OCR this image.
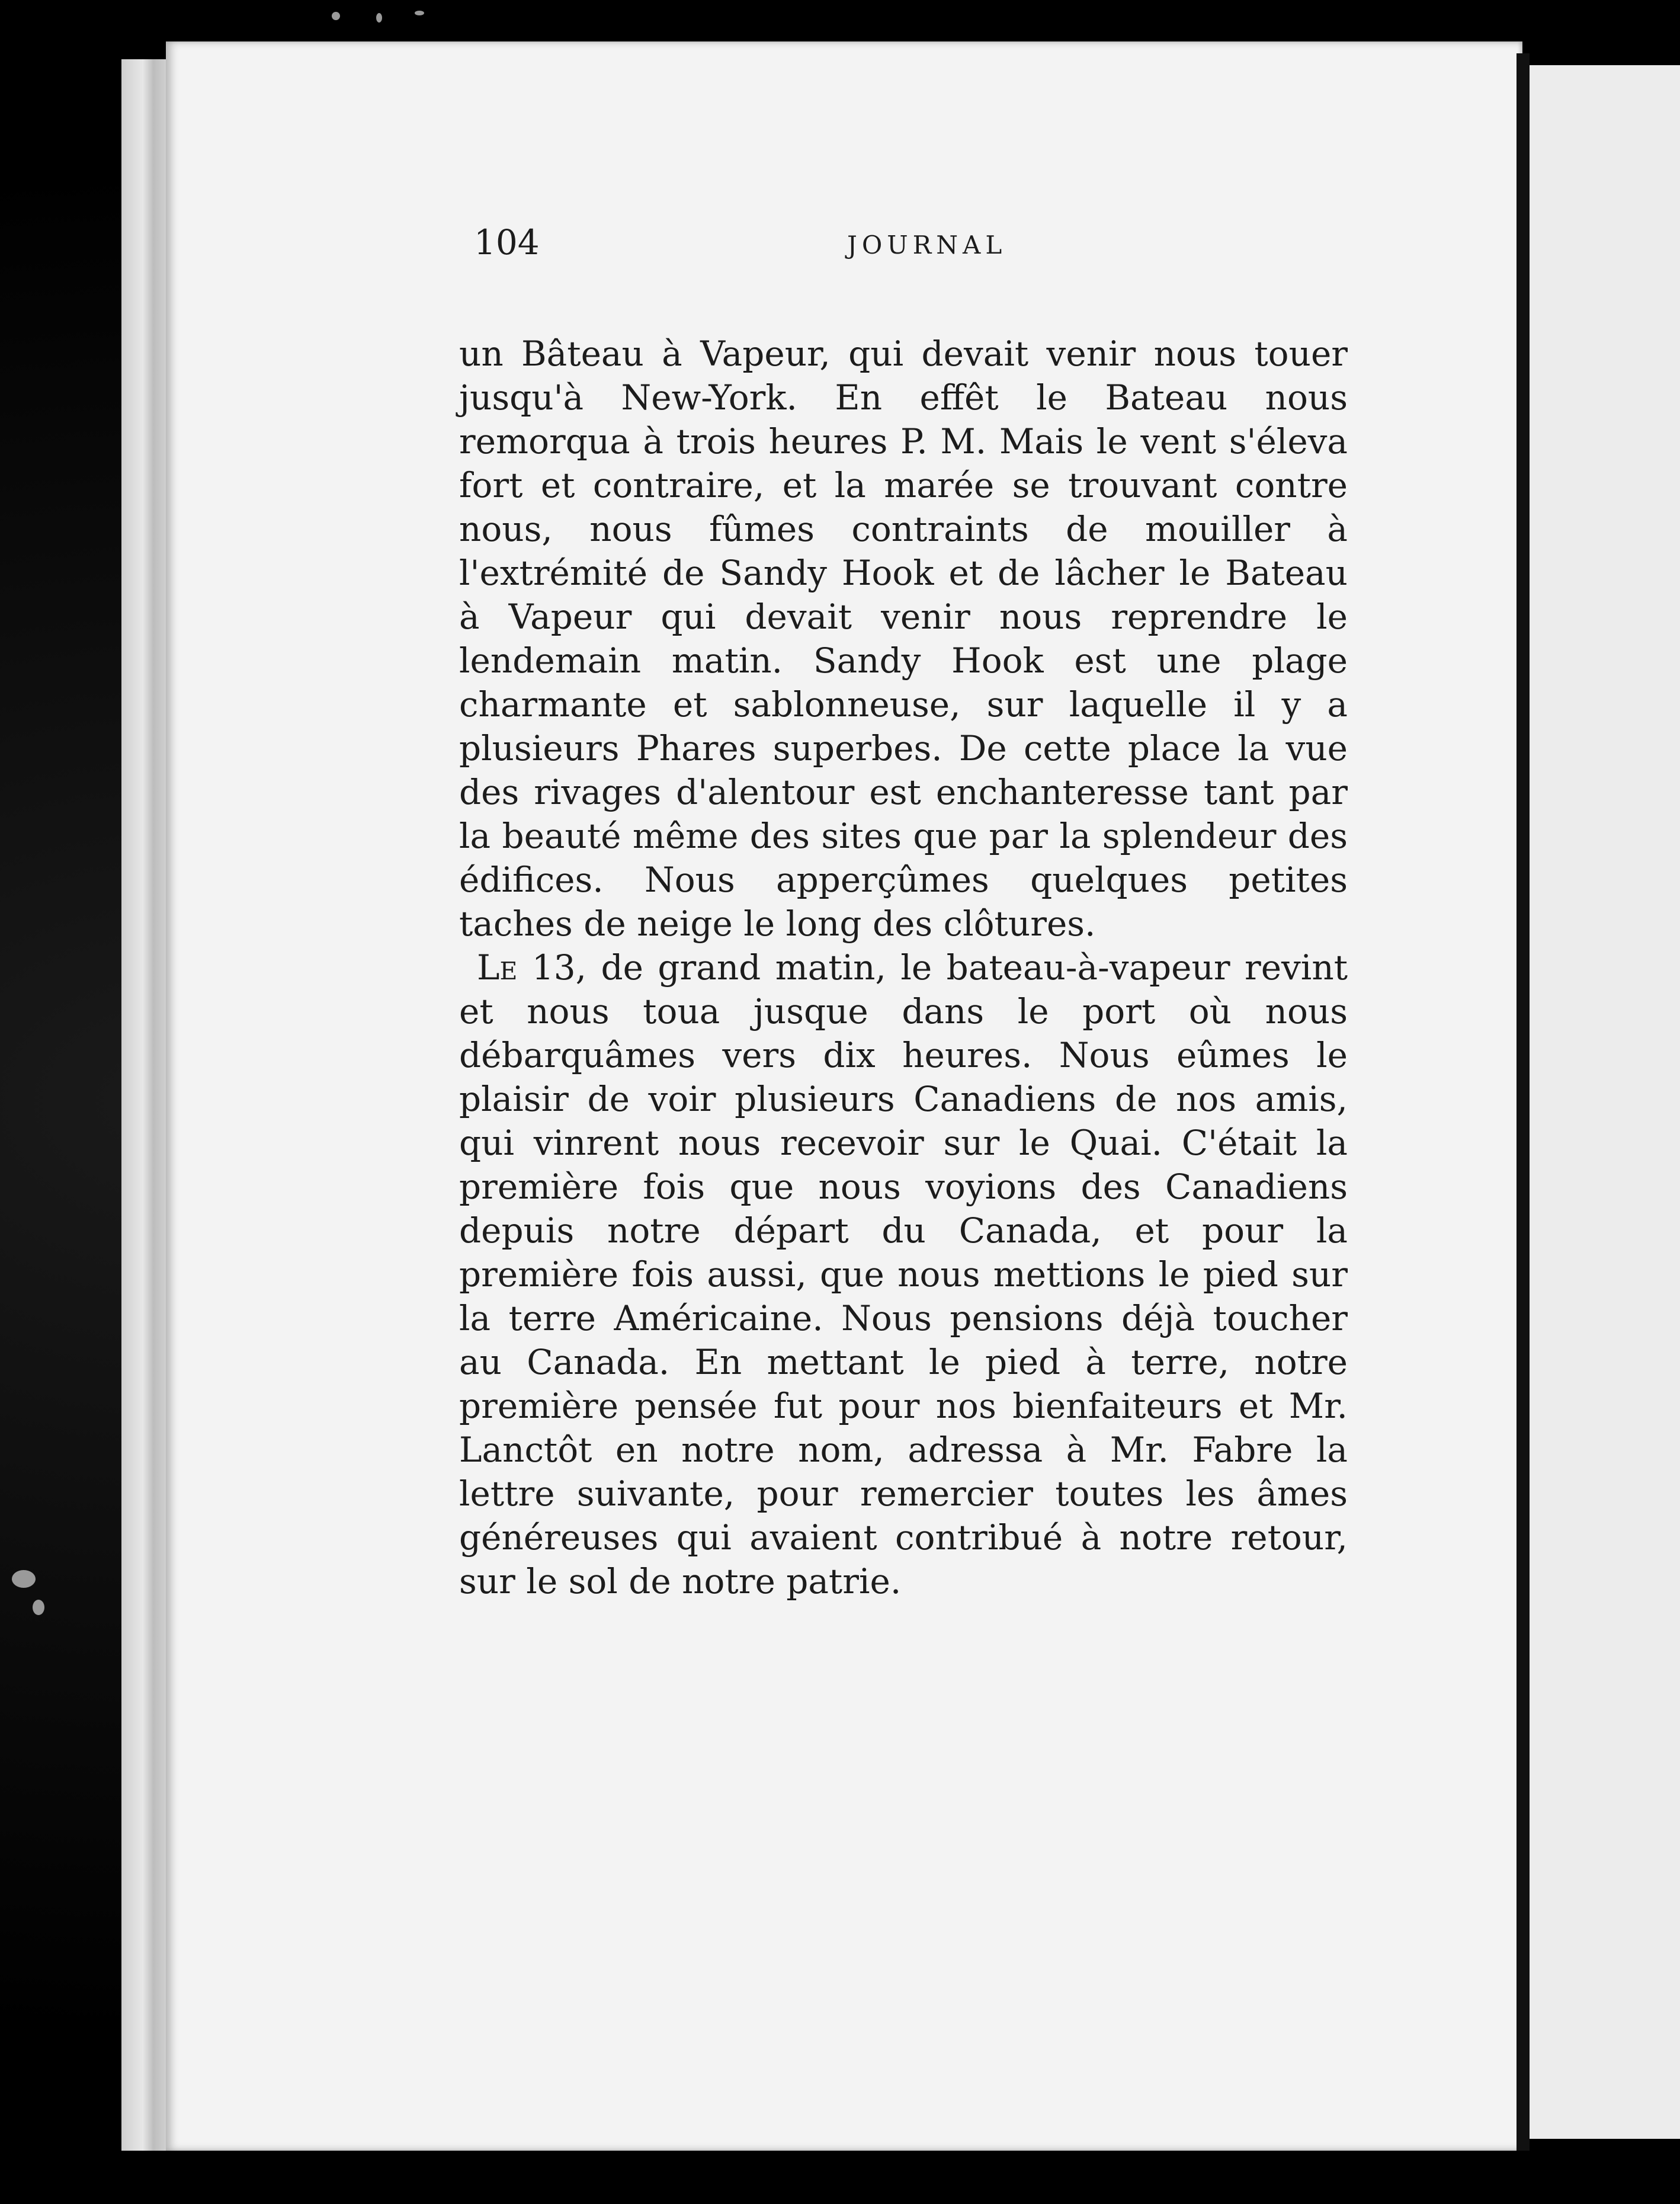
104	JOURNAL

un Bâteau à Vapeur, qui devait venir nous touer jusqu'à New-York. En effêt le Bateau nous remorqua à trois heures P. M. Mais le vent s'éleva fort et contraire, et la marée se trouvant contre nous, nous fûmes contraints de mouiller à l'extrémité de Sandy Hook et de lâcher le Bateau à Vapeur qui devait venir nous reprendre le lendemain matin. Sandy Hook est une plage charmante et sablonneuse, sur laquelle il y a plusieurs Phares superbes. De cette place la vue des rivages d'alentour est enchanteresse tant par la beauté même des sites que par la splendeur des édifices. Nous apperçûmes quelques petites taches de neige le long des clôtures.

Le 13, de grand matin, le bateau-à-vapeur revint et nous toua jusque dans le port où nous débarquâmes vers dix heures. Nous eûmes le plaisir de voir plusieurs Canadiens de nos amis, qui vinrent nous recevoir sur le Quai. C'était la première fois que nous voyions des Canadiens depuis notre départ du Canada, et pour la première fois aussi, que nous mettions le pied sur la terre Américaine. Nous pensions déjà toucher au Canada. En mettant le pied à terre, notre première pensée fut pour nos bienfaiteurs et Mr. Lanctôt en notre nom, adressa à Mr. Fabre la lettre suivante, pour remercier toutes les âmes généreuses qui avaient contribué à notre retour, sur le sol de notre patrie.
